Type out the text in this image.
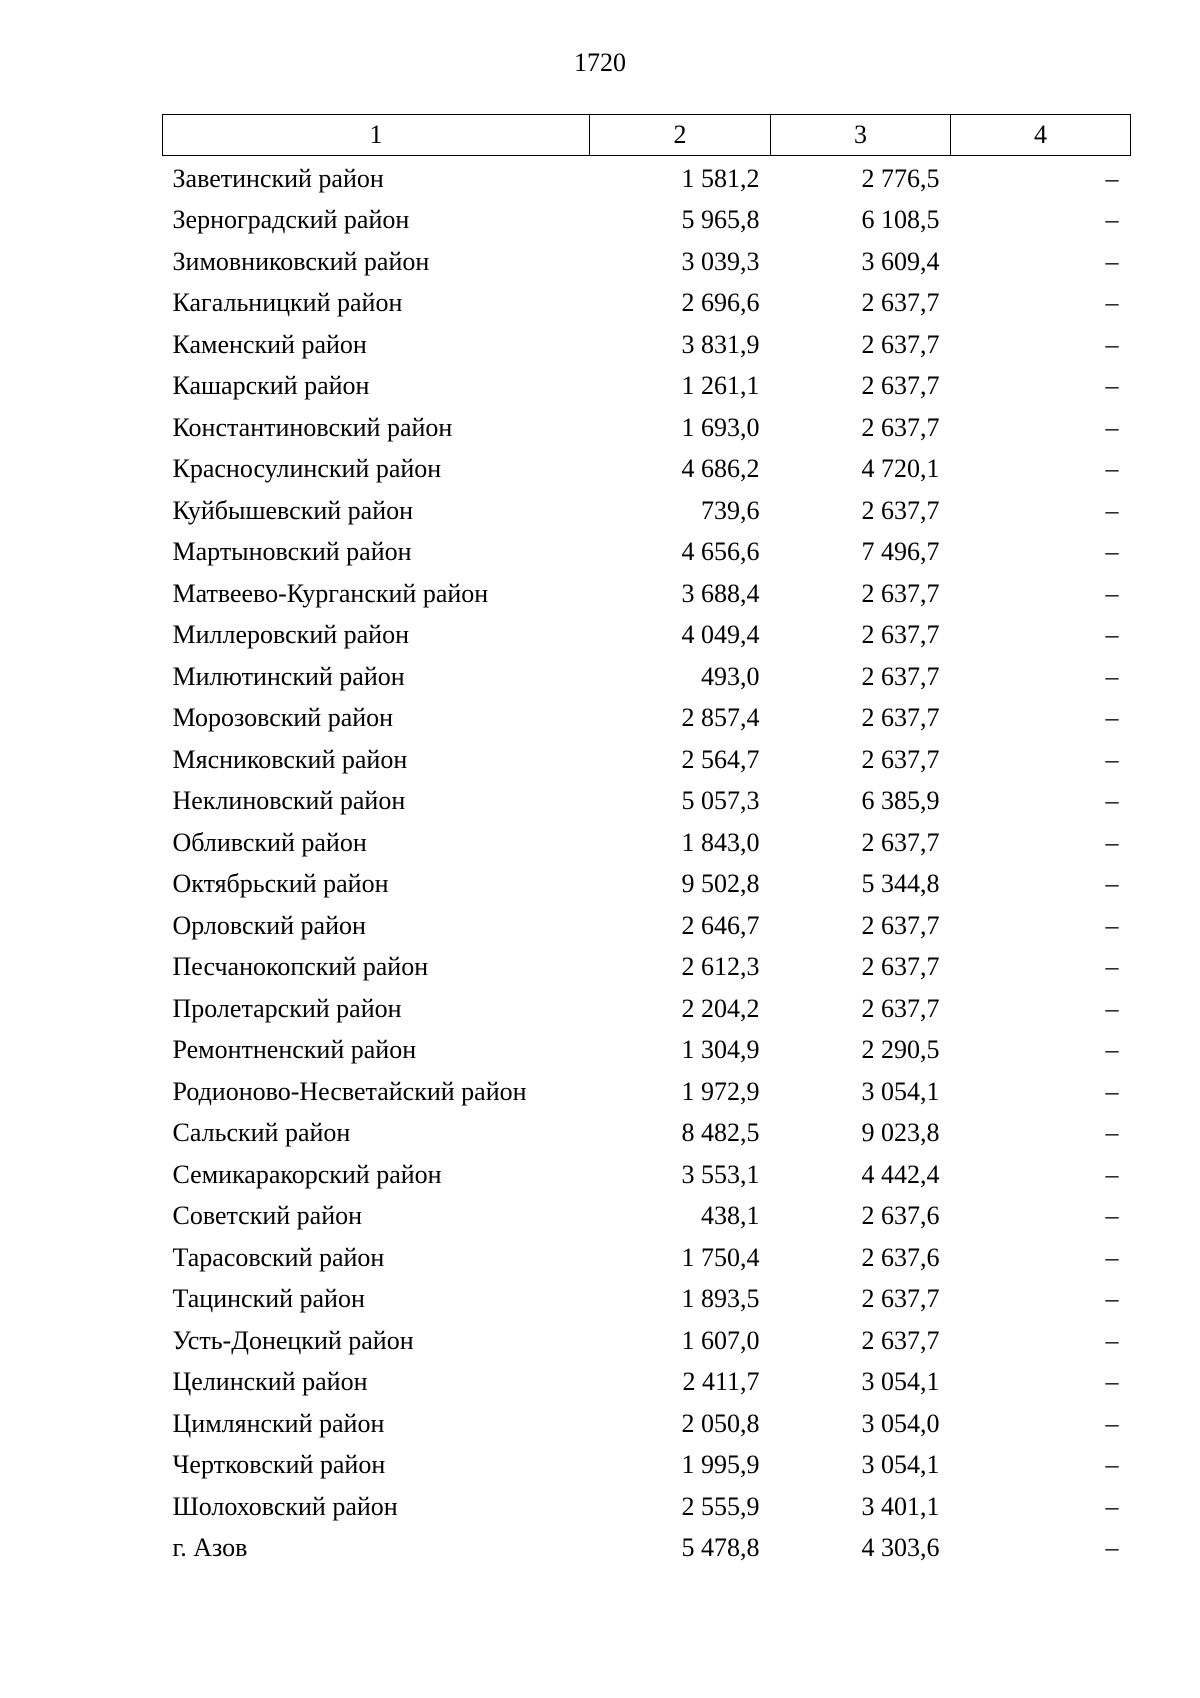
1720
1	2	3	4
Заветинский район	1 581,2	2 776,5	–
Зерноградский район	5 965,8	6 108,5	–
Зимовниковский район	3 039,3	3 609,4	–
Кагальницкий район	2 696,6	2 637,7	–
Каменский район	3 831,9	2 637,7	–
Кашарский район	1 261,1	2 637,7	–
Константиновский район	1 693,0	2 637,7	–
Красносулинский район	4 686,2	4 720,1	–
Куйбышевский район	739,6	2 637,7	–
Мартыновский район	4 656,6	7 496,7	–
Матвеево-Курганский район	3 688,4	2 637,7	–
Миллеровский район	4 049,4	2 637,7	–
Милютинский район	493,0	2 637,7	–
Морозовский район	2 857,4	2 637,7	–
Мясниковский район	2 564,7	2 637,7	–
Неклиновский район	5 057,3	6 385,9	–
Обливский район	1 843,0	2 637,7	–
Октябрьский район	9 502,8	5 344,8	–
Орловский район	2 646,7	2 637,7	–
Песчанокопский район	2 612,3	2 637,7	–
Пролетарский район	2 204,2	2 637,7	–
Ремонтненский район	1 304,9	2 290,5	–
Родионово-Несветайский район	1 972,9	3 054,1	–
Сальский район	8 482,5	9 023,8	–
Семикаракорский район	3 553,1	4 442,4	–
Советский район	438,1	2 637,6	–
Тарасовский район	1 750,4	2 637,6	–
Тацинский район	1 893,5	2 637,7	–
Усть-Донецкий район	1 607,0	2 637,7	–
Целинский район	2 411,7	3 054,1	–
Цимлянский район	2 050,8	3 054,0	–
Чертковский район	1 995,9	3 054,1	–
Шолоховский район	2 555,9	3 401,1	–
г. Азов	5 478,8	4 303,6	–
